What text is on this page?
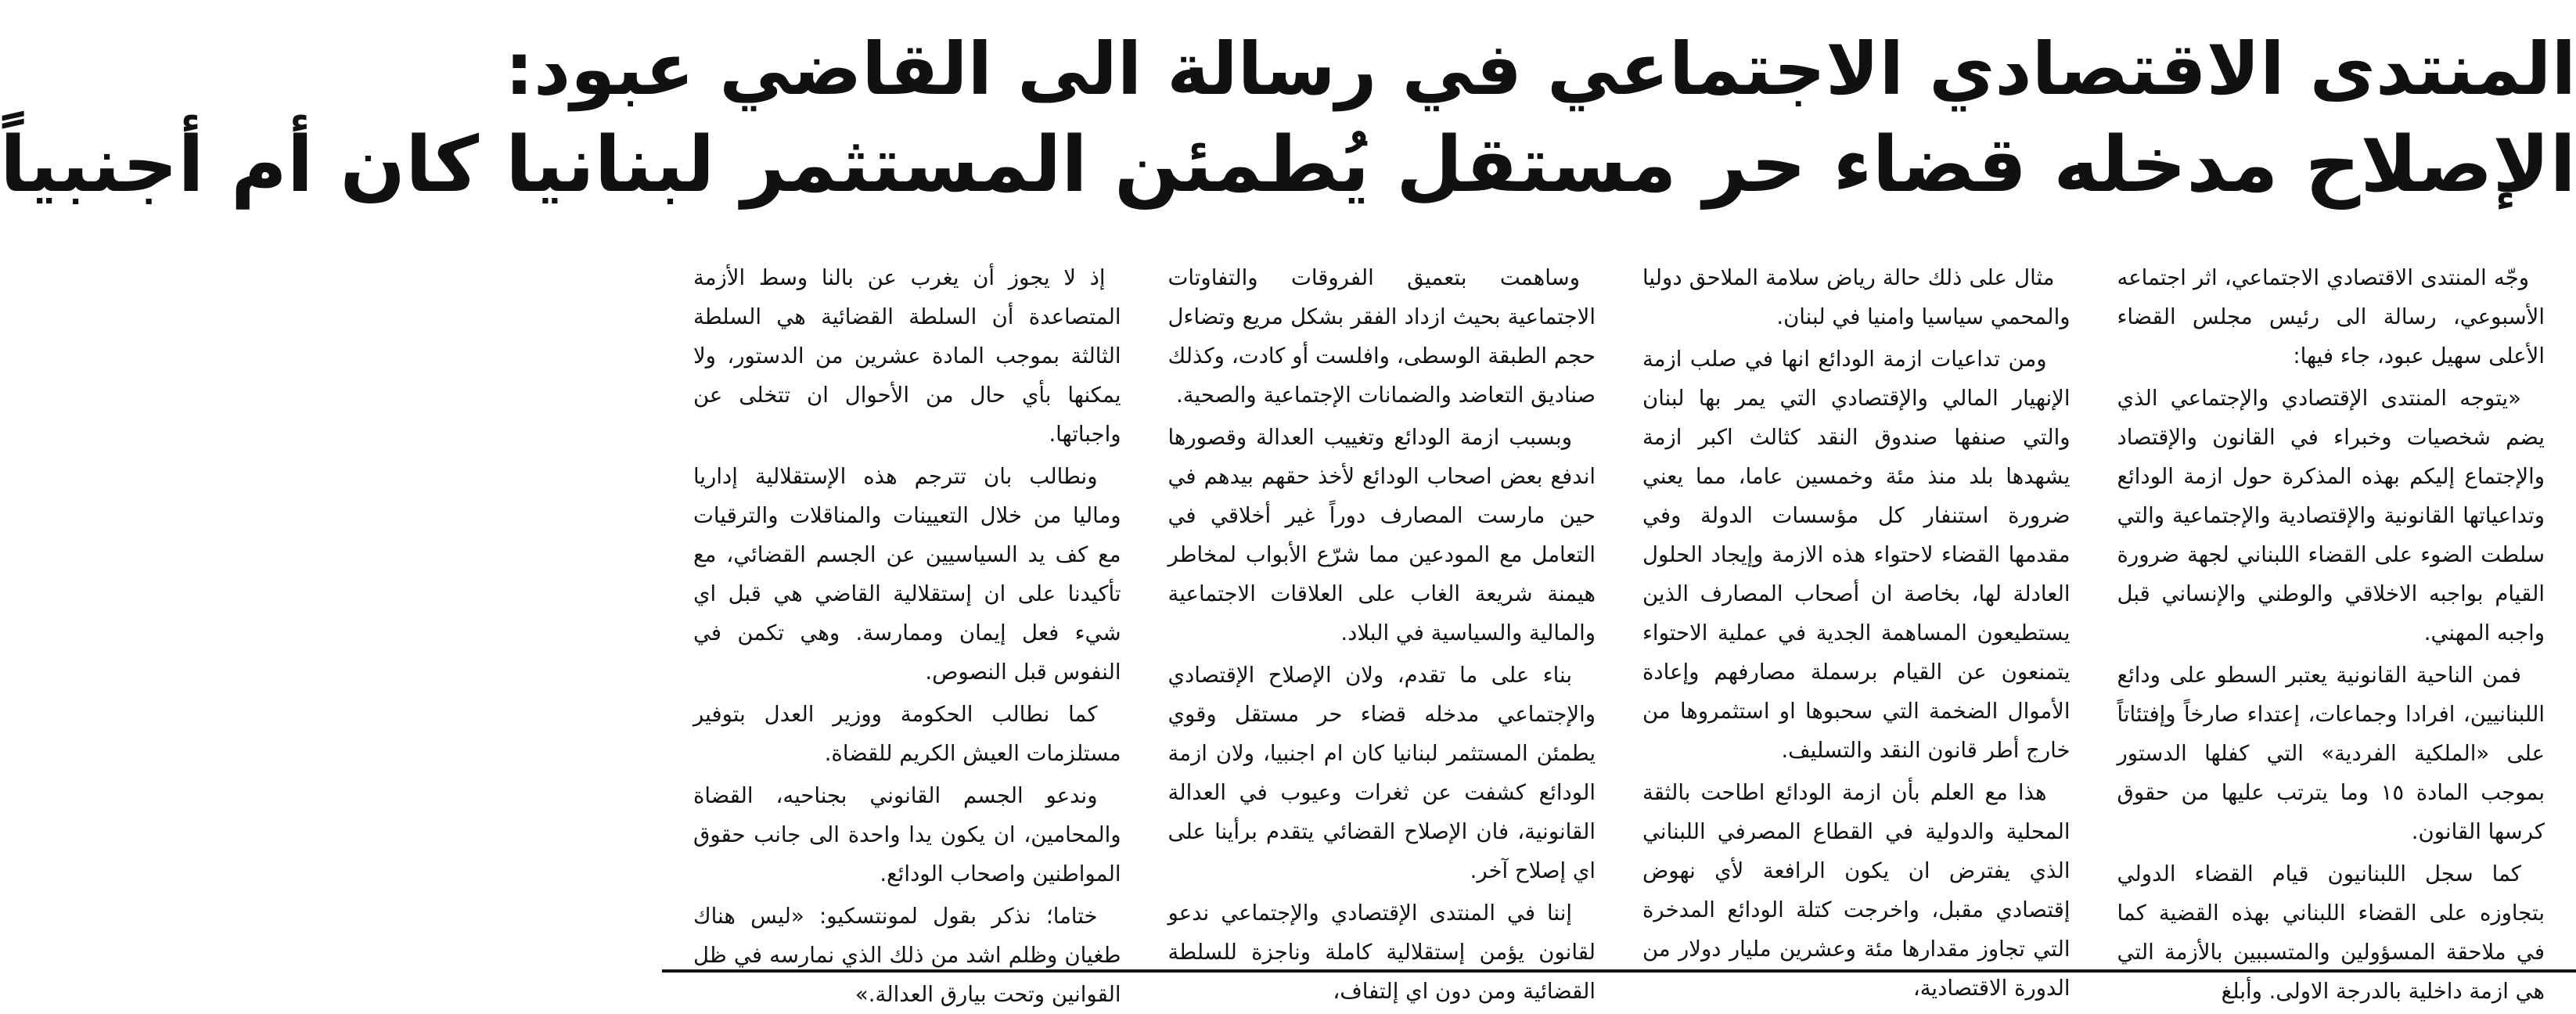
المنتدى الاقتصادي الاجتماعي في رسالة الى القاضي عبود:
الإصلاح مدخله قضاء حر مستقل يُطمئن المستثمر لبنانيا كان أم أجنبياً

وجّه المنتدى الاقتصادي الاجتماعي، اثر اجتماعه الأسبوعي، رسالة الى رئيس مجلس القضاء الأعلى سهيل عبود، جاء فيها:

«يتوجه المنتدى الإقتصادي والإجتماعي الذي يضم شخصيات وخبراء في القانون والإقتصاد والإجتماع إليكم بهذه المذكرة حول ازمة الودائع وتداعياتها القانونية والإقتصادية والإجتماعية والتي سلطت الضوء على القضاء اللبناني لجهة ضرورة القيام بواجبه الاخلاقي والوطني والإنساني قبل واجبه المهني.

فمن الناحية القانونية يعتبر السطو على ودائع اللبنانيين، افرادا وجماعات، إعتداء صارخاً وإفتئاتاً على «الملكية الفردية» التي كفلها الدستور بموجب المادة ١٥ وما يترتب عليها من حقوق كرسها القانون.

كما سجل اللبنانيون قيام القضاء الدولي بتجاوزه على القضاء اللبناني بهذه القضية كما في ملاحقة المسؤولين والمتسببين بالأزمة التي هي ازمة داخلية بالدرجة الاولى. وأبلغ

مثال على ذلك حالة رياض سلامة الملاحق دوليا والمحمي سياسيا وامنيا في لبنان.

ومن تداعيات ازمة الودائع انها في صلب ازمة الإنهيار المالي والإقتصادي التي يمر بها لبنان والتي صنفها صندوق النقد كثالث اكبر ازمة يشهدها بلد منذ مئة وخمسين عاما، مما يعني ضرورة استنفار كل مؤسسات الدولة وفي مقدمها القضاء لاحتواء هذه الازمة وإيجاد الحلول العادلة لها، بخاصة ان أصحاب المصارف الذين يستطيعون المساهمة الجدية في عملية الاحتواء يتمنعون عن القيام برسملة مصارفهم وإعادة الأموال الضخمة التي سحبوها او استثمروها من خارج أطر قانون النقد والتسليف.

هذا مع العلم بأن ازمة الودائع اطاحت بالثقة المحلية والدولية في القطاع المصرفي اللبناني الذي يفترض ان يكون الرافعة لأي نهوض إقتصادي مقبل، واخرجت كتلة الودائع المدخرة التي تجاوز مقدارها مئة وعشرين مليار دولار من الدورة الاقتصادية،

وساهمت بتعميق الفروقات والتفاوتات الاجتماعية بحيث ازداد الفقر بشكل مريع وتضاءل حجم الطبقة الوسطى، وافلست أو كادت، وكذلك صناديق التعاضد والضمانات الإجتماعية والصحية.

وبسبب ازمة الودائع وتغييب العدالة وقصورها اندفع بعض اصحاب الودائع لأخذ حقهم بيدهم في حين مارست المصارف دوراً غير أخلاقي في التعامل مع المودعين مما شرّع الأبواب لمخاطر هيمنة شريعة الغاب على العلاقات الاجتماعية والمالية والسياسية في البلاد.

بناء على ما تقدم، ولان الإصلاح الإقتصادي والإجتماعي مدخله قضاء حر مستقل وقوي يطمئن المستثمر لبنانيا كان ام اجنبيا، ولان ازمة الودائع كشفت عن ثغرات وعيوب في العدالة القانونية، فان الإصلاح القضائي يتقدم برأينا على اي إصلاح آخر.

إننا في المنتدى الإقتصادي والإجتماعي ندعو لقانون يؤمن إستقلالية كاملة وناجزة للسلطة القضائية ومن دون اي إلتفاف،

إذ لا يجوز أن يغرب عن بالنا وسط الأزمة المتصاعدة أن السلطة القضائية هي السلطة الثالثة بموجب المادة عشرين من الدستور، ولا يمكنها بأي حال من الأحوال ان تتخلى عن واجباتها.

ونطالب بان تترجم هذه الإستقلالية إداريا وماليا من خلال التعيينات والمناقلات والترقيات مع كف يد السياسيين عن الجسم القضائي، مع تأكيدنا على ان إستقلالية القاضي هي قبل اي شيء فعل إيمان وممارسة. وهي تكمن في النفوس قبل النصوص.

كما نطالب الحكومة ووزير العدل بتوفير مستلزمات العيش الكريم للقضاة.

وندعو الجسم القانوني بجناحيه، القضاة والمحامين، ان يكون يدا واحدة الى جانب حقوق المواطنين واصحاب الودائع.

ختاما؛ نذكر بقول لمونتسكيو: «ليس هناك طغيان وظلم اشد من ذلك الذي نمارسه في ظل القوانين وتحت بيارق العدالة.»
